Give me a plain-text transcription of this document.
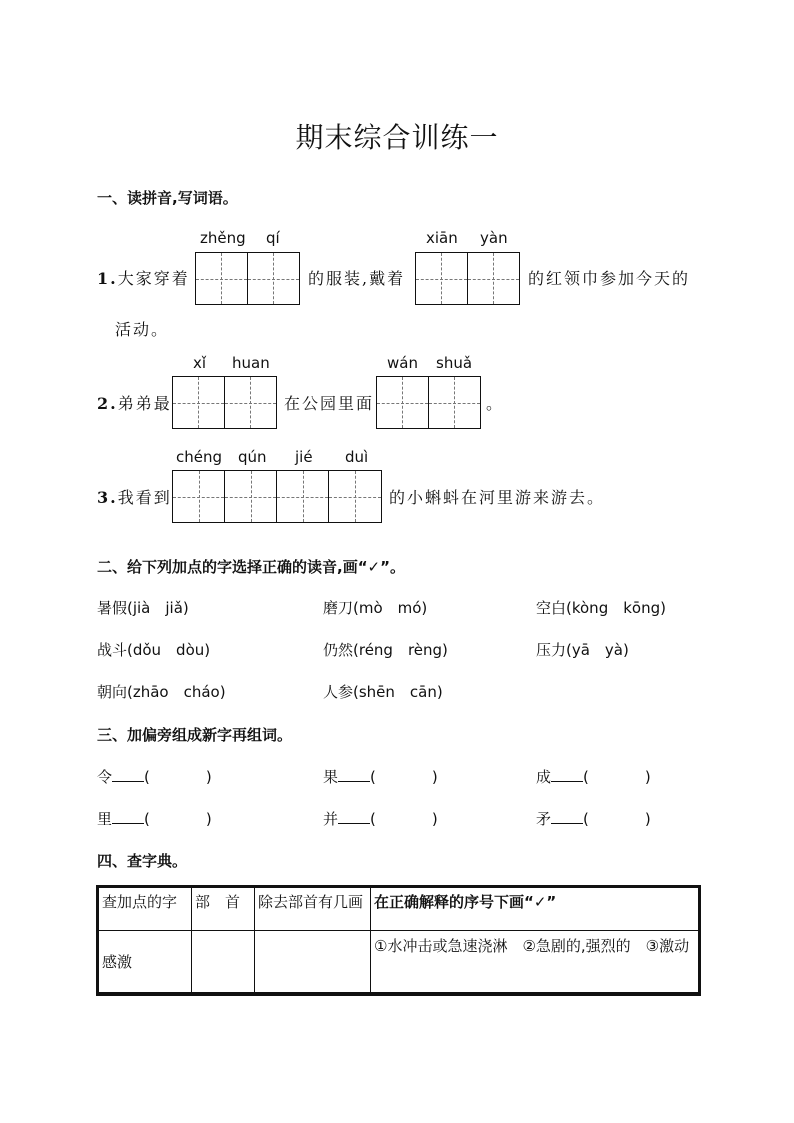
期末综合训练一
一、读拼音,写词语。
zhěng qí	xiān yàn
1.大家穿着	的服装,戴着	的红领巾参加今天的
活动。
xǐ huan	wán shuǎ
2.弟弟最	在公园里面	。
chéng qún jié duì
3.我看到	的小蝌蚪在河里游来游去。
二、给下列加点的字选择正确的读音,画“✓”。
暑假(jià　jiǎ)	磨刀(mò　mó)	空白(kòng　kōng)
战斗(dǒu　dòu)	仍然(réng　rèng)	压力(yā　yà)
朝向(zhāo　cháo)	人参(shēn　cān)
三、加偏旁组成新字再组词。
令 (	)	果 (	)	成 (	)
里 (	)	并 (	)	矛 (	)
四、查字典。
查加点的字	部　首	除去部首有几画	在正确解释的序号下画“✓”
感激			①水冲击或急速浇淋　②急剧的,强烈的　③激动
